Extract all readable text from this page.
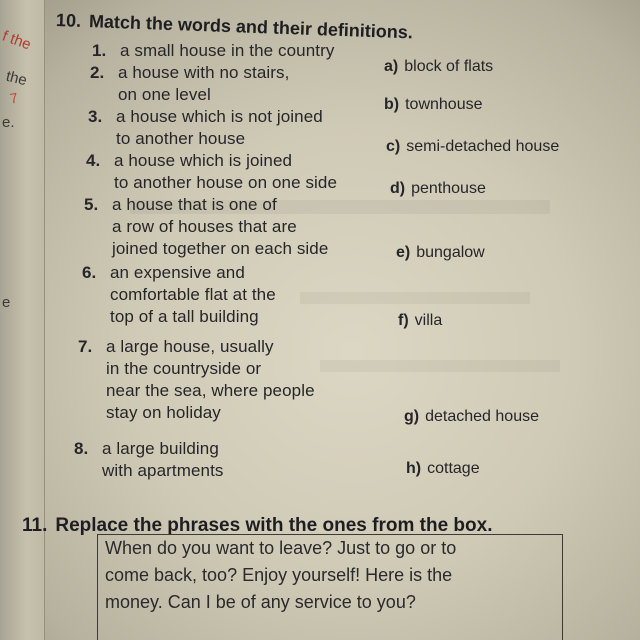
f the
the
7
e.
e
10. Match the words and their definitions.
1. a small house in the country
2. a house with no stairs,
on one level
3. a house which is not joined
to another house
4. a house which is joined
to another house on one side
5. a house that is one of
a row of houses that are
joined together on each side
6. an expensive and
comfortable flat at the
top of a tall building
7. a large house, usually
in the countryside or
near the sea, where people
stay on holiday
8. a large building
with apartments
a) block of flats
b) townhouse
c) semi-detached house
d) penthouse
e) bungalow
f) villa
g) detached house
h) cottage
11. Replace the phrases with the ones from the box.
When do you want to leave? Just to go or to
come back, too? Enjoy yourself! Here is the
money. Can I be of any service to you?
